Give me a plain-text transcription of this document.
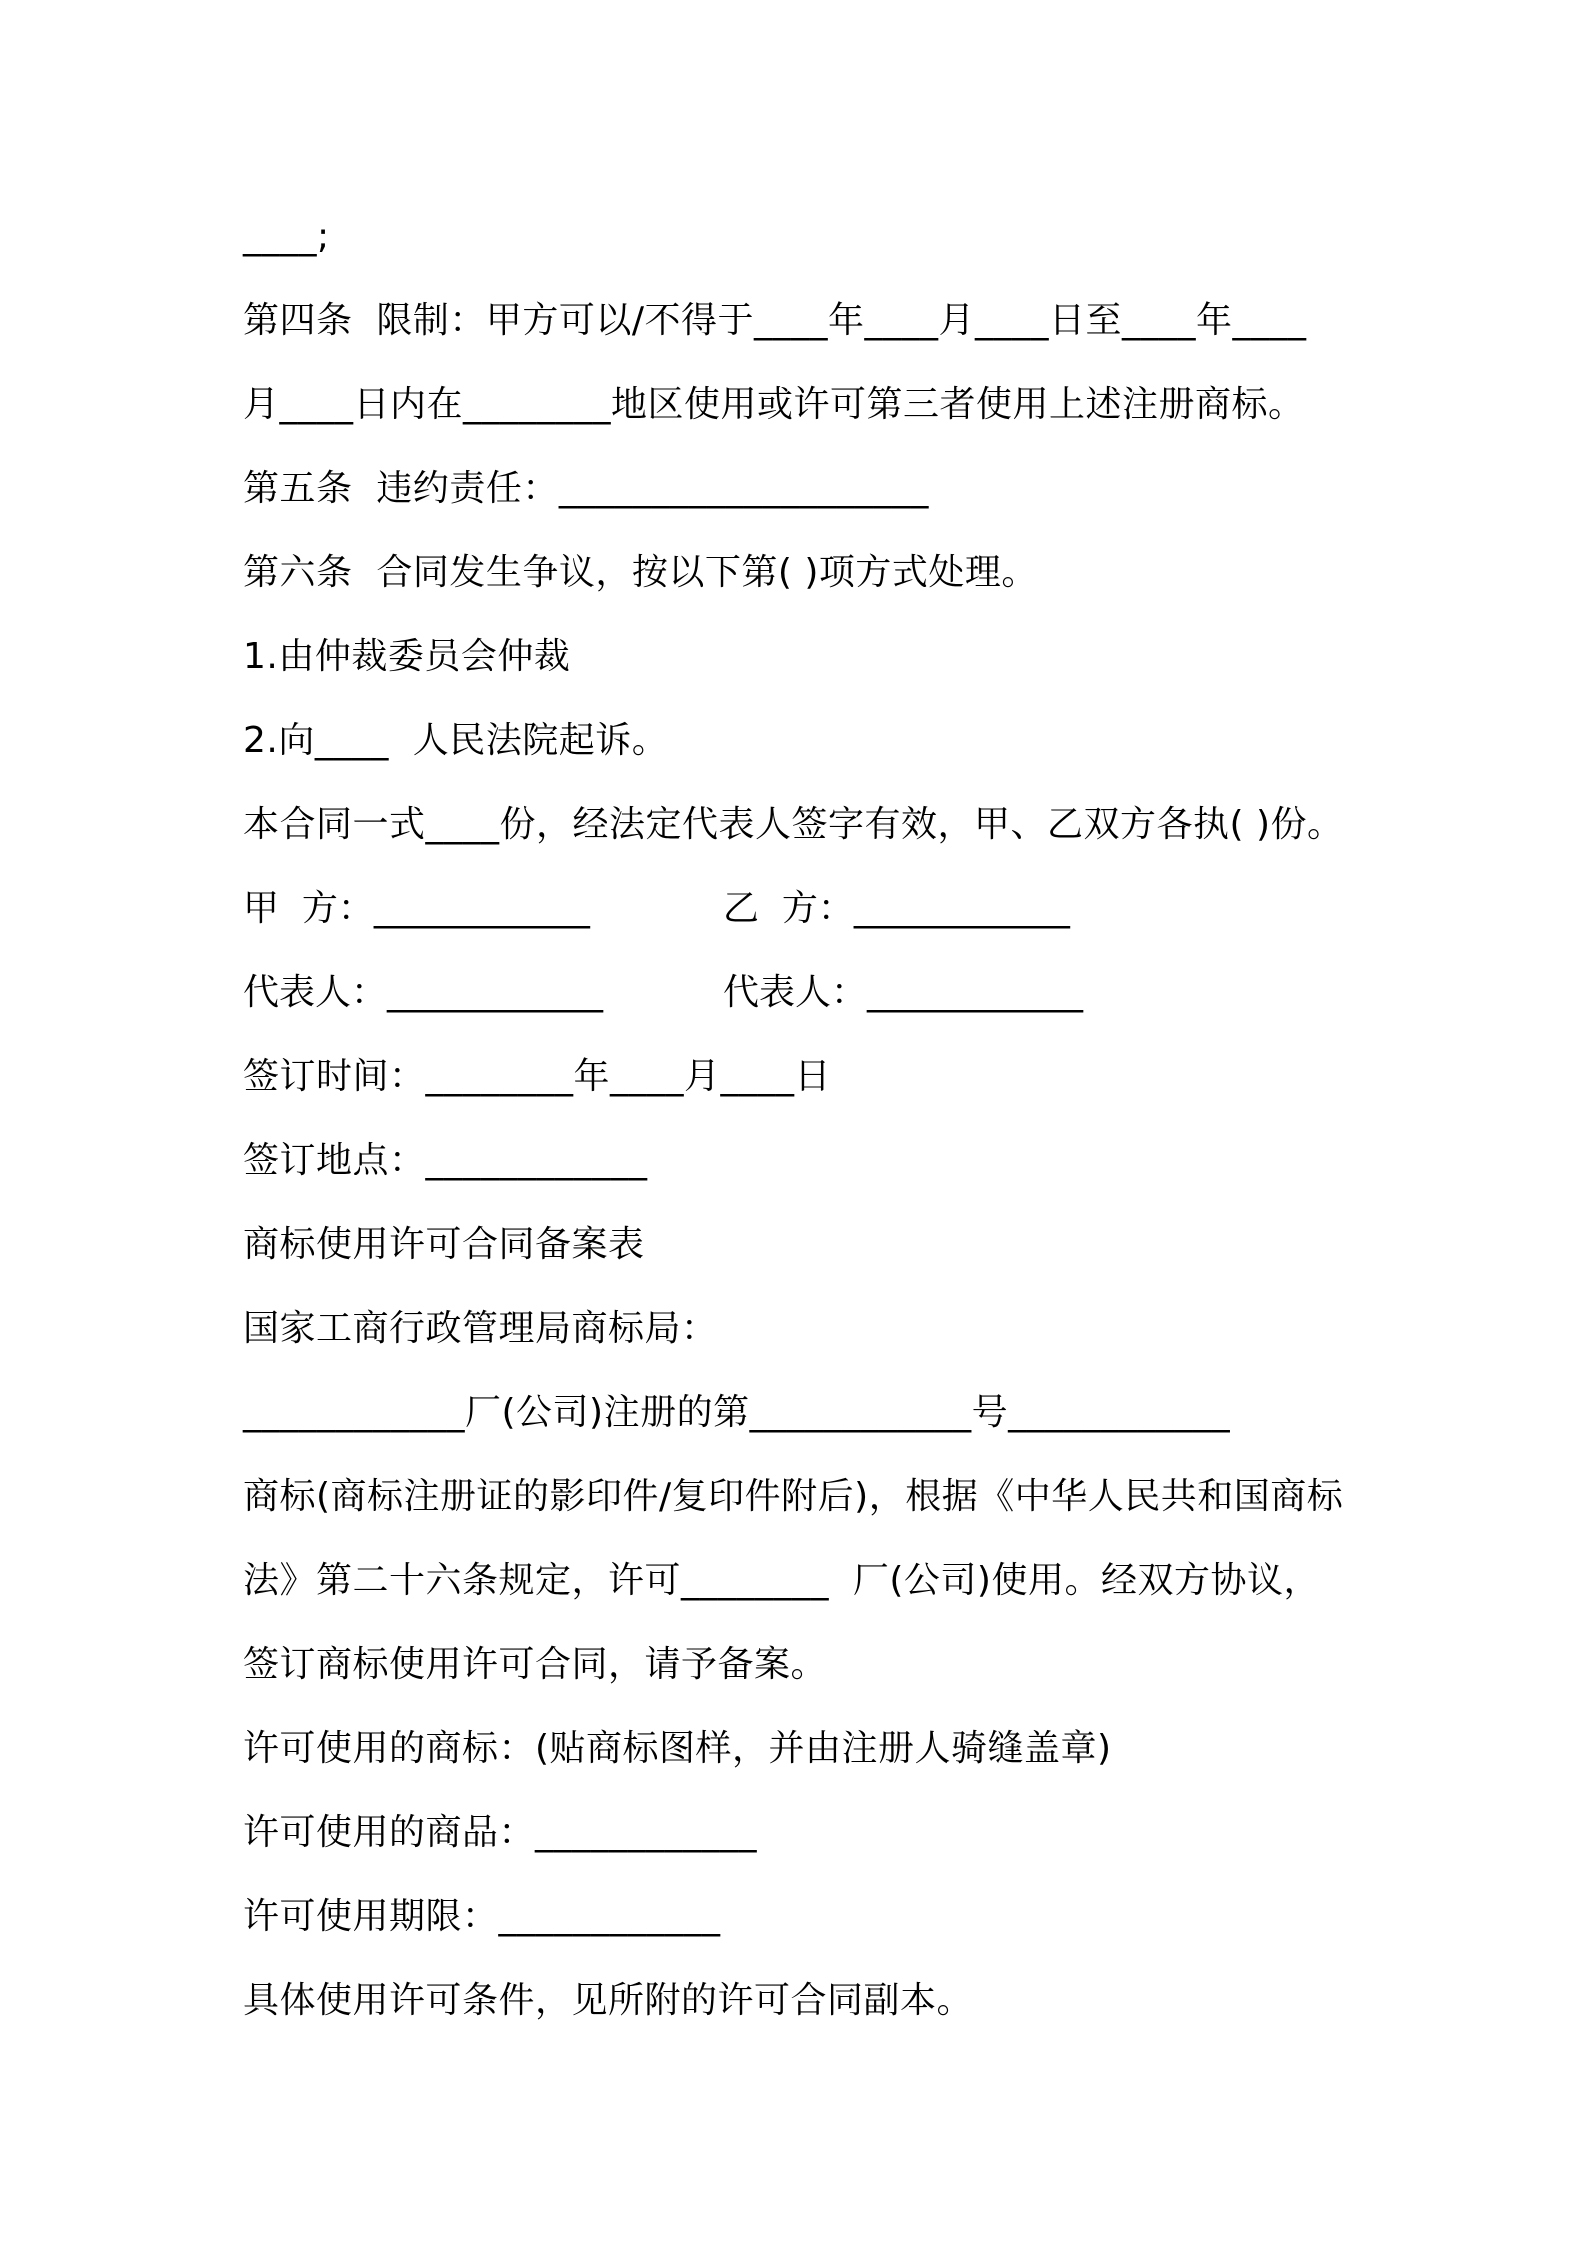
____;
第四条  限制：甲方可以/不得于____年____月____日至____年____
月____日内在________地区使用或许可第三者使用上述注册商标。
第五条  违约责任：____________________
第六条  合同发生争议，按以下第( )项方式处理。
1.由仲裁委员会仲裁
2.向____  人民法院起诉。
本合同一式____份，经法定代表人签字有效，甲、乙双方各执( )份。
甲  方：____________	乙  方：____________
代表人：____________	代表人：____________
签订时间：________年____月____日
签订地点：____________
商标使用许可合同备案表
国家工商行政管理局商标局：
____________厂(公司)注册的第____________号____________
商标(商标注册证的影印件/复印件附后)，根据《中华人民共和国商标
法》第二十六条规定，许可________  厂(公司)使用。经双方协议，
签订商标使用许可合同，请予备案。
许可使用的商标：(贴商标图样，并由注册人骑缝盖章)
许可使用的商品：____________
许可使用期限：____________
具体使用许可条件，见所附的许可合同副本。
